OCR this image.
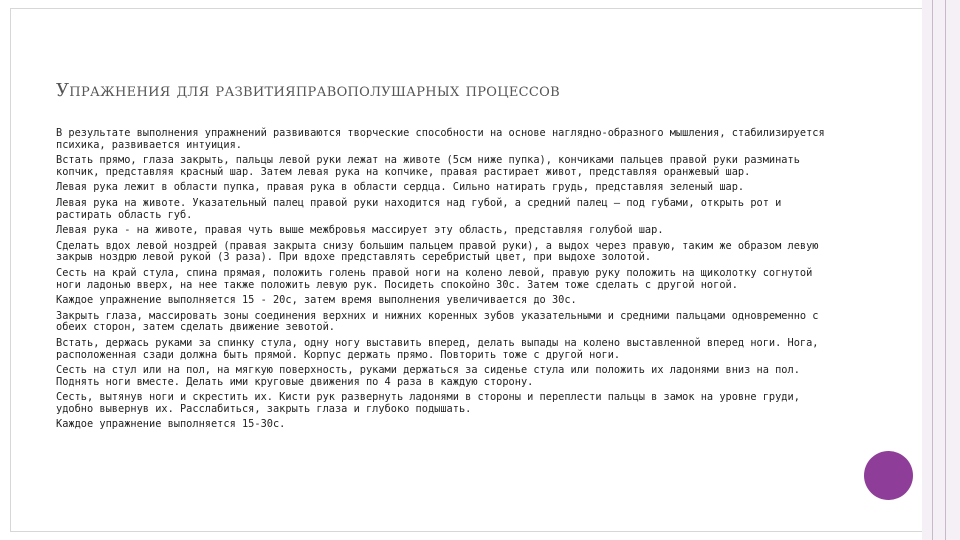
Упражнения для развитияправополушарных процессов

В результате выполнения упражнений развиваются творческие способности на основе наглядно-образного мышления, стабилизируется психика, развивается интуиция.

Встать прямо, глаза закрыть, пальцы левой руки лежат на животе (5см ниже пупка), кончиками пальцев правой руки разминать копчик, представляя красный шар. Затем левая рука на копчике, правая растирает живот, представляя оранжевый шар.

Левая рука лежит в области пупка, правая рука в области сердца. Сильно натирать грудь, представляя зеленый шар.

Левая рука на животе. Указательный палец правой руки находится над губой, а средний палец – под губами, открыть рот и растирать область губ.

Левая рука - на животе, правая чуть выше межбровья массирует эту область, представляя голубой шар.

Сделать вдох левой ноздрей (правая закрыта снизу большим пальцем правой руки), а выдох через правую, таким же образом левую закрыв ноздрю левой рукой (3 раза). При вдохе представлять серебристый цвет, при выдохе золотой.

Сесть на край стула, спина прямая, положить голень правой ноги на колено левой, правую руку положить на щиколотку согнутой ноги ладонью вверх, на нее также положить левую рук. Посидеть спокойно 30с. Затем тоже сделать с другой ногой.

Каждое упражнение выполняется 15 - 20с, затем время выполнения увеличивается до 30с.

Закрыть глаза, массировать зоны соединения верхних и нижних коренных зубов указательными и средними пальцами одновременно с обеих сторон, затем сделать движение зевотой.

Встать, держась руками за спинку стула, одну ногу выставить вперед, делать выпады на колено выставленной вперед ноги. Нога, расположенная сзади должна быть прямой. Корпус держать прямо. Повторить тоже с другой ноги.

Сесть на стул или на пол, на мягкую поверхность, руками держаться за сиденье стула или положить их ладонями вниз на пол. Поднять ноги вместе. Делать ими круговые движения по 4 раза в каждую сторону.

Сесть, вытянув ноги и скрестить их. Кисти рук развернуть ладонями в стороны и переплести пальцы в замок на уровне груди, удобно вывернув их. Расслабиться, закрыть глаза и глубоко подышать.

Каждое упражнение выполняется 15-30с.
